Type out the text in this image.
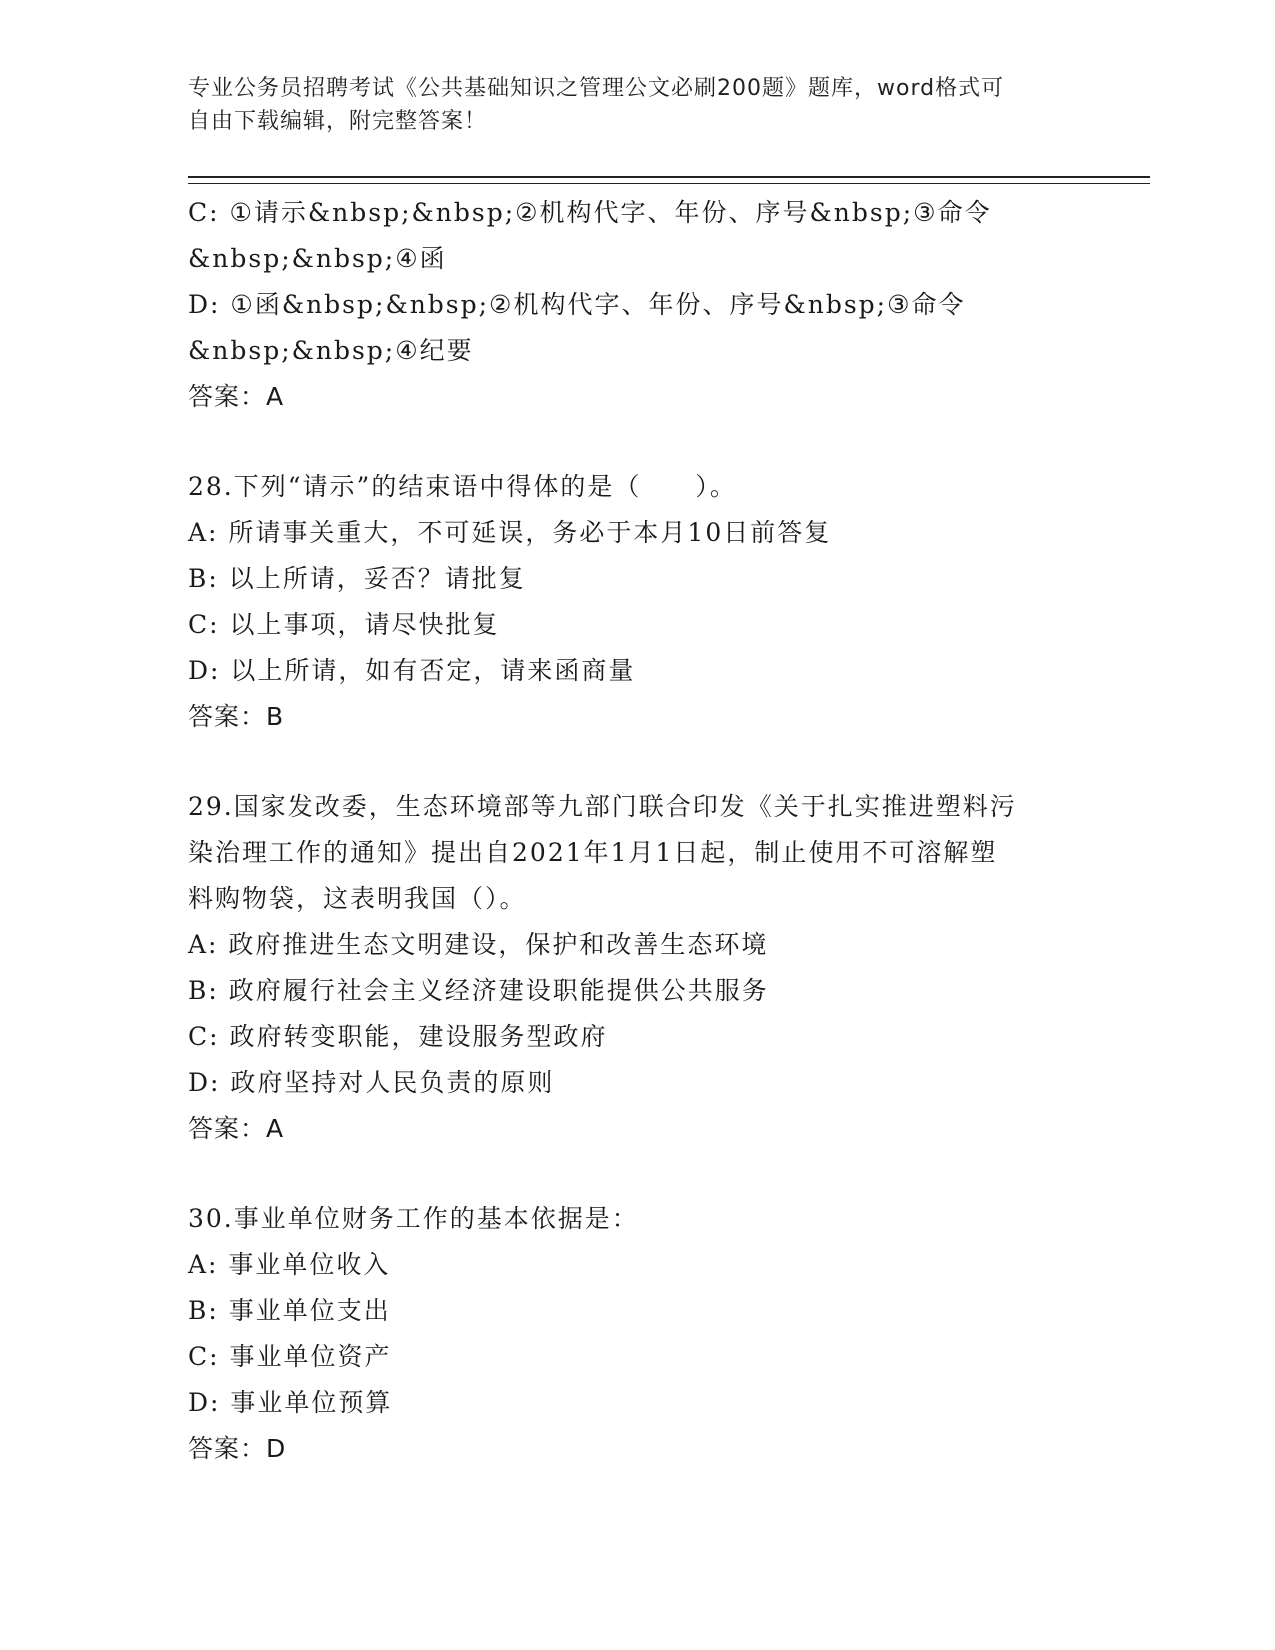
专业公务员招聘考试《公共基础知识之管理公文必刷200题》题库，word格式可
自由下载编辑，附完整答案！
C: ①请示&nbsp;&nbsp;②机构代字、年份、序号&nbsp;③命令
&nbsp;&nbsp;④函
D: ①函&nbsp;&nbsp;②机构代字、年份、序号&nbsp;③命令
&nbsp;&nbsp;④纪要
答案：A
28.下列“请示”的结束语中得体的是（　　）。
A: 所请事关重大，不可延误，务必于本月10日前答复
B: 以上所请，妥否？请批复
C: 以上事项，请尽快批复
D: 以上所请，如有否定，请来函商量
答案：B
29.国家发改委，生态环境部等九部门联合印发《关于扎实推进塑料污
染治理工作的通知》提出自2021年1月1日起，制止使用不可溶解塑
料购物袋，这表明我国（）。
A: 政府推进生态文明建设，保护和改善生态环境
B: 政府履行社会主义经济建设职能提供公共服务
C: 政府转变职能，建设服务型政府
D: 政府坚持对人民负责的原则
答案：A
30.事业单位财务工作的基本依据是：
A: 事业单位收入
B: 事业单位支出
C: 事业单位资产
D: 事业单位预算
答案：D
